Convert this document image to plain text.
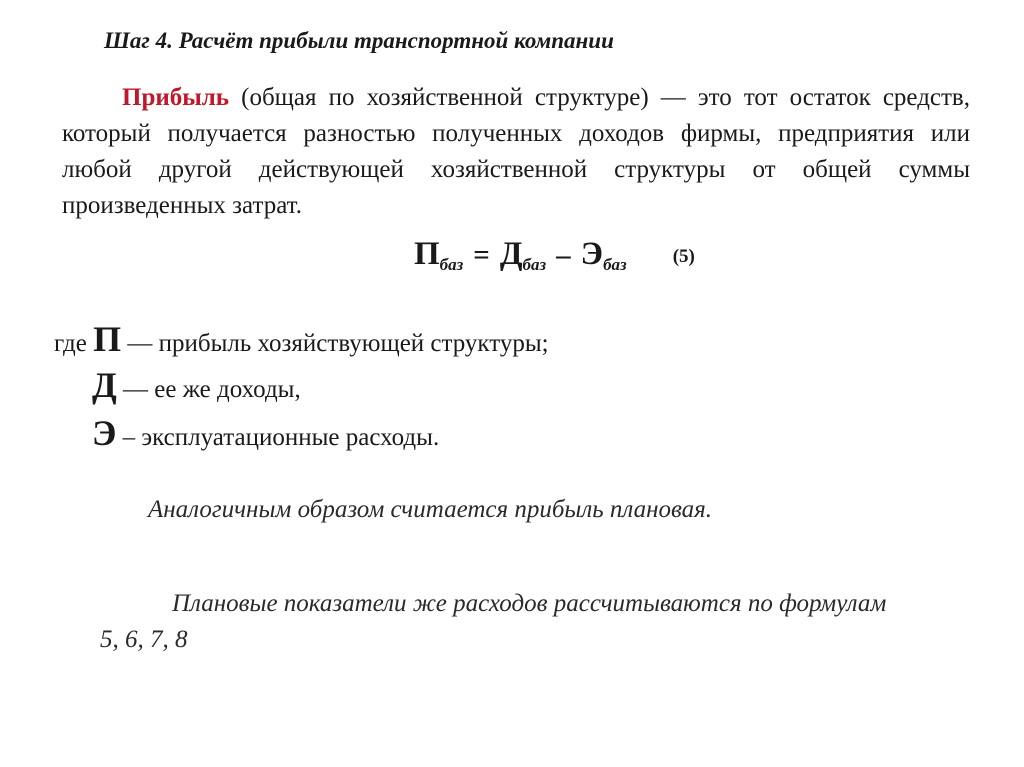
Шаг 4. Расчёт прибыли транспортной компании

Прибыль (общая по хозяйственной структуре) — это тот остаток средств, который получается разностью полученных доходов фирмы, предприятия или любой другой действующей хозяйственной структуры от общей суммы произведенных затрат.

Пбаз = Дбаз – Эбаз (5)
где П — прибыль хозяйствующей структуры;
Д — ее же доходы,
Э – эксплуатационные расходы.
Аналогичным образом считается прибыль плановая.

Плановые показатели же расходов рассчитываются по формулам 5, 6, 7, 8
